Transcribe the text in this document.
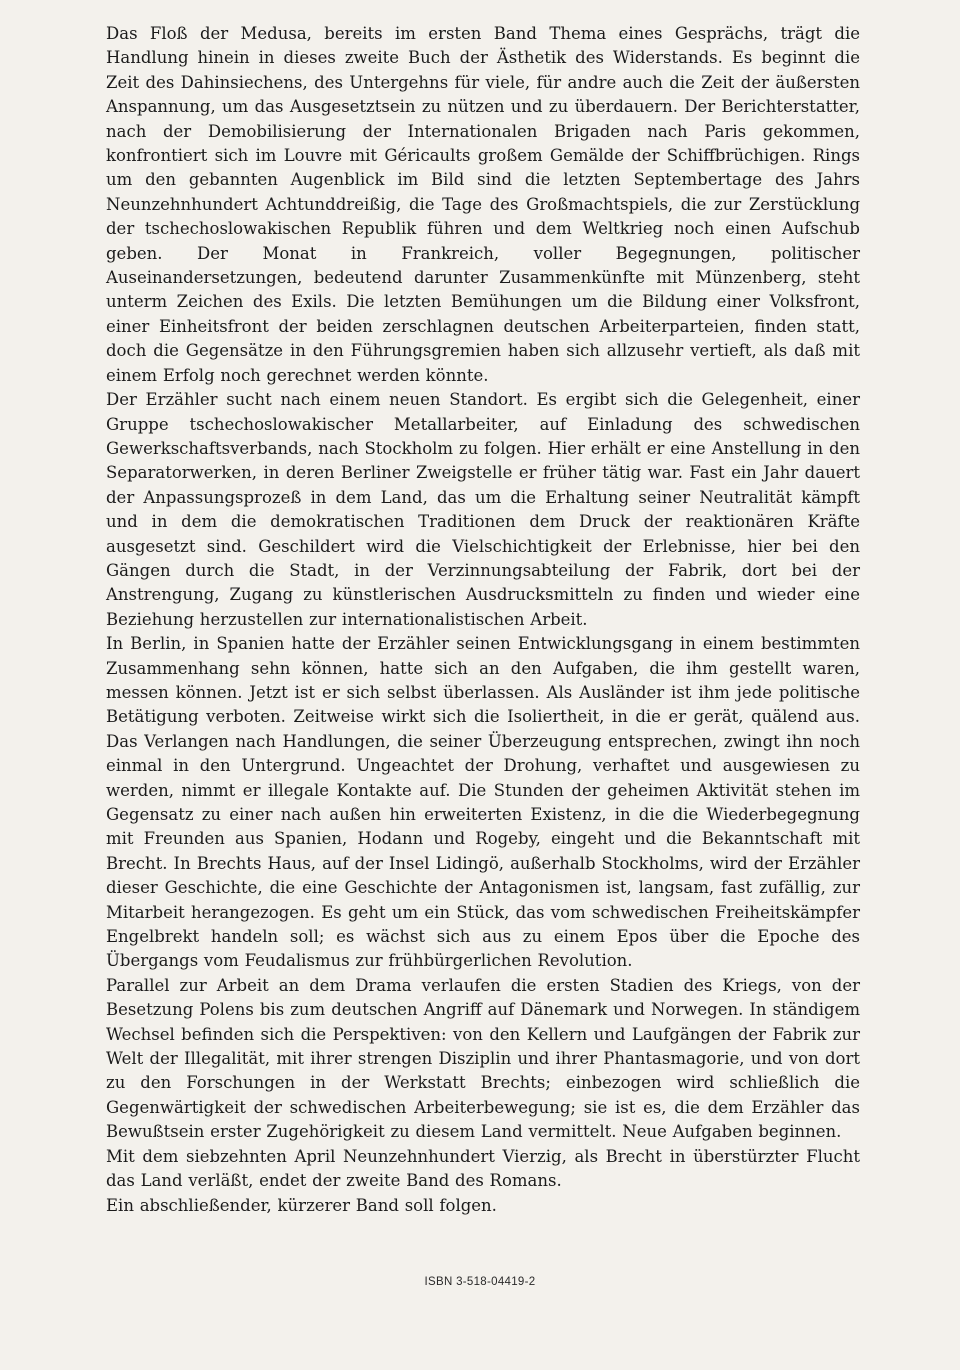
Das Floß der Medusa, bereits im ersten Band Thema eines Gesprächs, trägt die Handlung hinein in dieses zweite Buch der Ästhetik des Widerstands. Es beginnt die Zeit des Dahinsiechens, des Untergehns für viele, für andre auch die Zeit der äußersten Anspannung, um das Ausgesetztsein zu nützen und zu überdauern. Der Berichterstatter, nach der Demobilisierung der Internationalen Brigaden nach Paris gekommen, konfrontiert sich im Louvre mit Géricaults großem Gemälde der Schiffbrüchigen. Rings um den gebannten Augenblick im Bild sind die letzten Septembertage des Jahrs Neunzehnhundert Achtunddreißig, die Tage des Großmachtspiels, die zur Zerstücklung der tschechoslowakischen Republik führen und dem Weltkrieg noch einen Aufschub geben. Der Monat in Frankreich, voller Begegnungen, politischer Auseinandersetzungen, bedeutend darunter Zusammenkünfte mit Münzenberg, steht unterm Zeichen des Exils. Die letzten Bemühungen um die Bildung einer Volksfront, einer Einheitsfront der beiden zerschlagnen deutschen Arbeiterparteien, finden statt, doch die Gegensätze in den Führungsgremien haben sich allzusehr vertieft, als daß mit einem Erfolg noch gerechnet werden könnte.

Der Erzähler sucht nach einem neuen Standort. Es ergibt sich die Gelegenheit, einer Gruppe tschechoslowakischer Metallarbeiter, auf Einladung des schwedischen Gewerkschaftsverbands, nach Stockholm zu folgen. Hier erhält er eine Anstellung in den Separatorwerken, in deren Berliner Zweigstelle er früher tätig war. Fast ein Jahr dauert der Anpassungsprozeß in dem Land, das um die Erhaltung seiner Neutralität kämpft und in dem die demokratischen Traditionen dem Druck der reaktionären Kräfte ausgesetzt sind. Geschildert wird die Vielschichtigkeit der Erlebnisse, hier bei den Gängen durch die Stadt, in der Verzinnungsabteilung der Fabrik, dort bei der Anstrengung, Zugang zu künstlerischen Ausdrucksmitteln zu finden und wieder eine Beziehung herzustellen zur internationalistischen Arbeit.

In Berlin, in Spanien hatte der Erzähler seinen Entwicklungsgang in einem bestimmten Zusammenhang sehn können, hatte sich an den Aufgaben, die ihm gestellt waren, messen können. Jetzt ist er sich selbst überlassen. Als Ausländer ist ihm jede politische Betätigung verboten. Zeitweise wirkt sich die Isoliertheit, in die er gerät, quälend aus. Das Verlangen nach Handlungen, die seiner Überzeugung entsprechen, zwingt ihn noch einmal in den Untergrund. Ungeachtet der Drohung, verhaftet und ausgewiesen zu werden, nimmt er illegale Kontakte auf. Die Stunden der geheimen Aktivität stehen im Gegensatz zu einer nach außen hin erweiterten Existenz, in die die Wiederbegegnung mit Freunden aus Spanien, Hodann und Rogeby, eingeht und die Bekanntschaft mit Brecht. In Brechts Haus, auf der Insel Lidingö, außerhalb Stockholms, wird der Erzähler dieser Geschichte, die eine Geschichte der Antagonismen ist, langsam, fast zufällig, zur Mitarbeit herangezogen. Es geht um ein Stück, das vom schwedischen Freiheitskämpfer Engelbrekt handeln soll; es wächst sich aus zu einem Epos über die Epoche des Übergangs vom Feudalismus zur frühbürgerlichen Revolution.

Parallel zur Arbeit an dem Drama verlaufen die ersten Stadien des Kriegs, von der Besetzung Polens bis zum deutschen Angriff auf Dänemark und Norwegen. In ständigem Wechsel befinden sich die Perspektiven: von den Kellern und Laufgängen der Fabrik zur Welt der Illegalität, mit ihrer strengen Disziplin und ihrer Phantasmagorie, und von dort zu den Forschungen in der Werkstatt Brechts; einbezogen wird schließlich die Gegenwärtigkeit der schwedischen Arbeiterbewegung; sie ist es, die dem Erzähler das Bewußtsein erster Zugehörigkeit zu diesem Land vermittelt. Neue Aufgaben beginnen.

Mit dem siebzehnten April Neunzehnhundert Vierzig, als Brecht in überstürzter Flucht das Land verläßt, endet der zweite Band des Romans.

Ein abschließender, kürzerer Band soll folgen.

ISBN 3-518-04419-2
